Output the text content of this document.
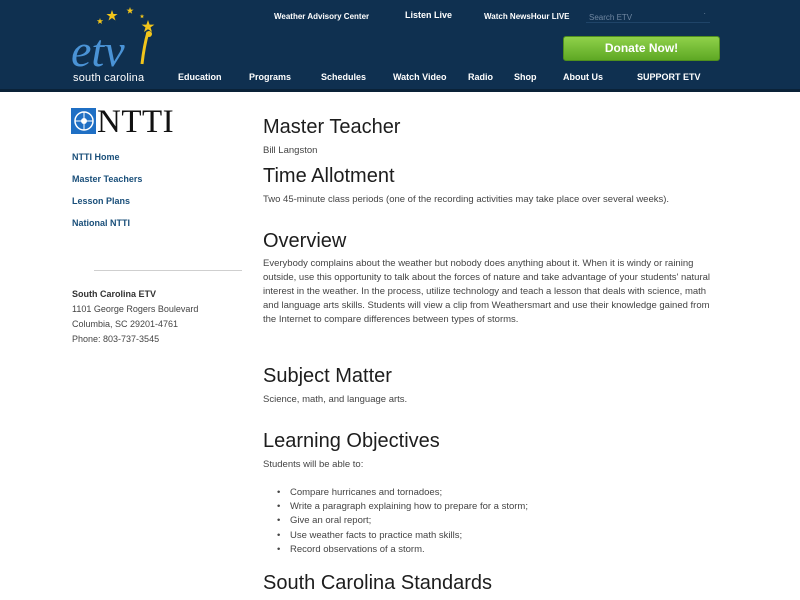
etv
south carolina
Weather Advisory Center	Listen Live	Watch NewsHour LIVE
Search ETV	·
Donate Now!
Education	Programs	Schedules	Watch Video Radio Shop	About Us	SUPPORT ETV
NTTI
NTTI Home
Master Teachers
Lesson Plans
National NTTI
South Carolina ETV
1101 George Rogers Boulevard
Columbia, SC 29201-4761
Phone: 803-737-3545
Master Teacher

Bill Langston

Time Allotment

Two 45-minute class periods (one of the recording activities may take place over several weeks).

Overview

Everybody complains about the weather but nobody does anything about it. When it is windy or raining outside, use this opportunity to talk about the forces of nature and take advantage of your students' natural interest in the weather. In the process, utilize technology and teach a lesson that deals with science, math and language arts skills. Students will view a clip from Weathersmart and use their knowledge gained from the Internet to compare differences between types of storms.

Subject Matter

Science, math, and language arts.

Learning Objectives

Students will be able to:

• Compare hurricanes and tornadoes;
• Write a paragraph explaining how to prepare for a storm;
• Give an oral report;
• Use weather facts to practice math skills;
• Record observations of a storm.
South Carolina Standards
